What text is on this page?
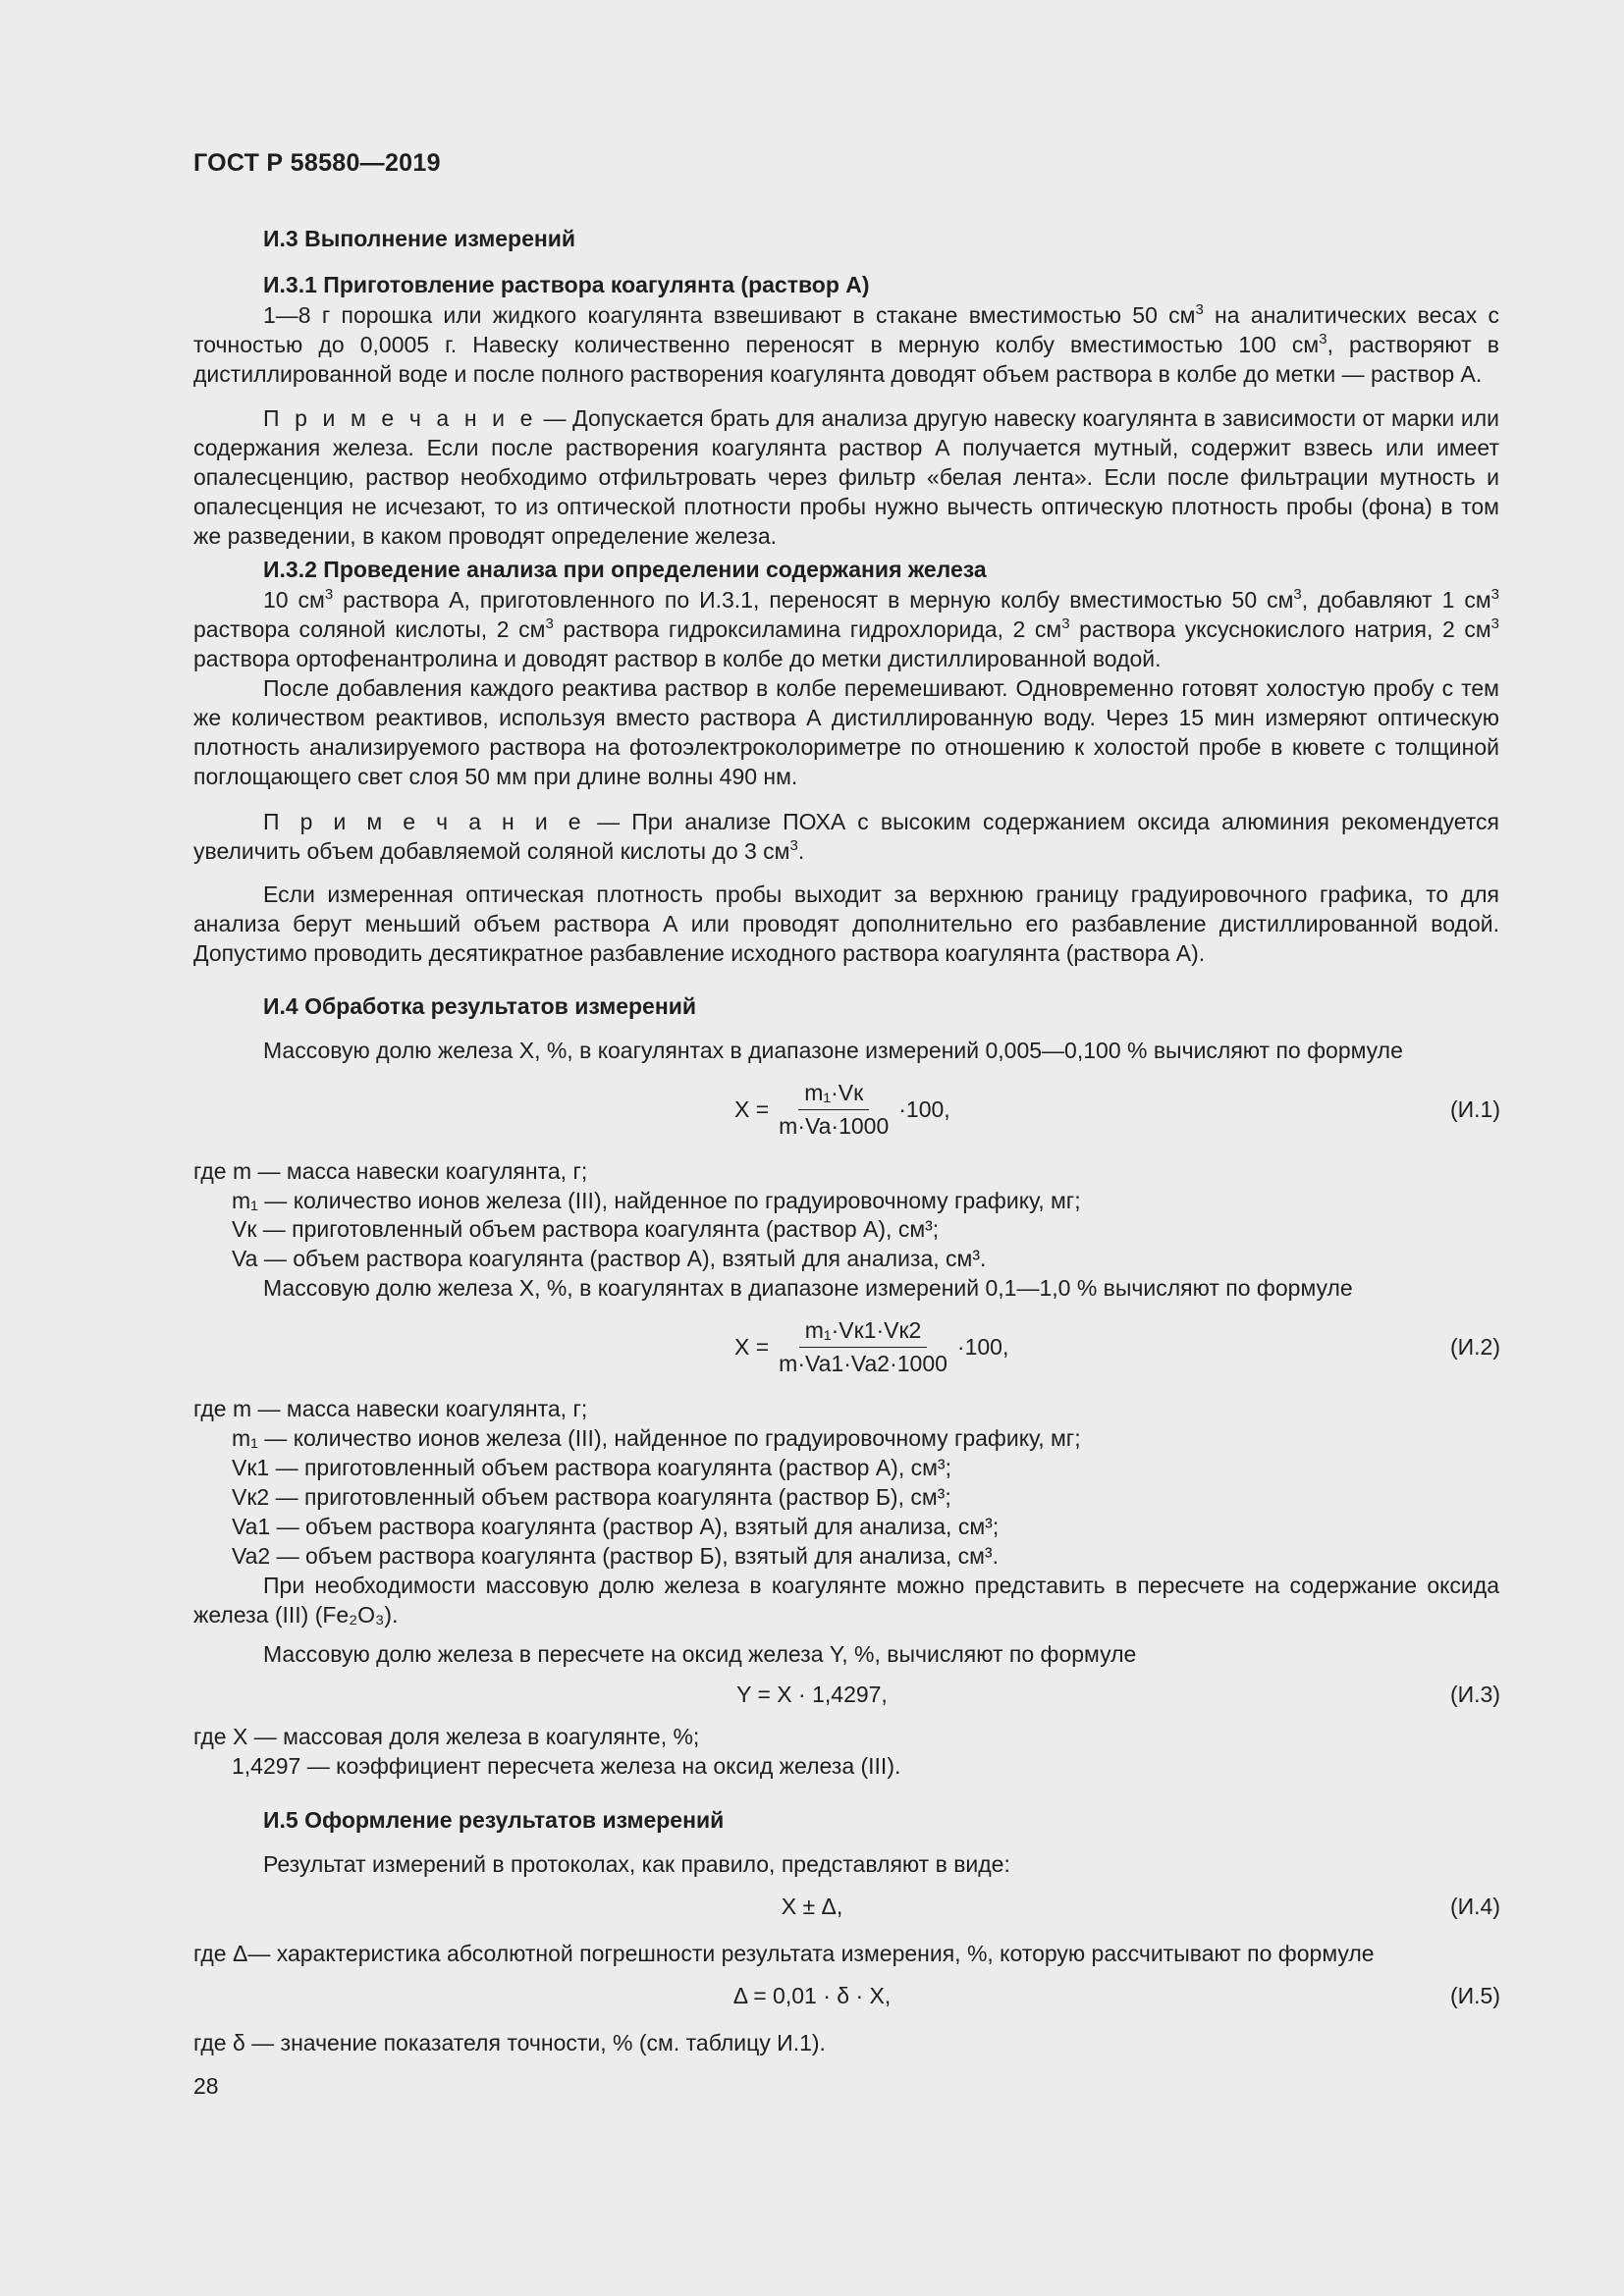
ГОСТ Р 58580—2019
И.3 Выполнение измерений
И.3.1 Приготовление раствора коагулянта (раствор А)
1—8 г порошка или жидкого коагулянта взвешивают в стакане вместимостью 50 $см^3$ на аналитических весах с точностью до 0,0005 г. Навеску количественно переносят в мерную колбу вместимостью 100 $см^3$, растворяют в дистиллированной воде и после полного растворения коагулянта доводят объем раствора в колбе до метки — раствор А.
П р и м е ч а н и е — Допускается брать для анализа другую навеску коагулянта в зависимости от марки или содержания железа. Если после растворения коагулянта раствор А получается мутный, содержит взвесь или имеет опалесценцию, раствор необходимо отфильтровать через фильтр «белая лента». Если после фильтрации мутность и опалесценция не исчезают, то из оптической плотности пробы нужно вычесть оптическую плотность пробы (фона) в том же разведении, в каком проводят определение железа.
И.3.2 Проведение анализа при определении содержания железа
10 $см^3$ раствора А, приготовленного по И.3.1, переносят в мерную колбу вместимостью 50 $см^3$, добавляют 1 $см^3$ раствора соляной кислоты, 2 $см^3$ раствора гидроксиламина гидрохлорида, 2 $см^3$ раствора уксуснокислого натрия, 2 $см^3$ раствора ортофенантролина и доводят раствор в колбе до метки дистиллированной водой.
После добавления каждого реактива раствор в колбе перемешивают. Одновременно готовят холостую пробу с тем же количеством реактивов, используя вместо раствора А дистиллированную воду. Через 15 мин измеряют оптическую плотность анализируемого раствора на фотоэлектроколориметре по отношению к холостой пробе в кювете с толщиной поглощающего свет слоя 50 мм при длине волны 490 нм.
П р и м е ч а н и е — При анализе ПОХА с высоким содержанием оксида алюминия рекомендуется увеличить объем добавляемой соляной кислоты до 3 $см^3$.
Если измеренная оптическая плотность пробы выходит за верхнюю границу градуировочного графика, то для анализа берут меньший объем раствора А или проводят дополнительно его разбавление дистиллированной водой. Допустимо проводить десятикратное разбавление исходного раствора коагулянта (раствора А).
И.4 Обработка результатов измерений
Массовую долю железа X, %, в коагулянтах в диапазоне измерений 0,005—0,100 % вычисляют по формуле
$X = \frac{\text{m₁·Vк}}{m\cdot Va\cdot 1000} \cdot 100$,	(И.1)
где m — масса навески коагулянта, г;
m₁ — количество ионов железа (III), найденное по градуировочному графику, мг;
Vк — приготовленный объем раствора коагулянта (раствор А), см³;
Va — объем раствора коагулянта (раствор А), взятый для анализа, см³.
Массовую долю железа X, %, в коагулянтах в диапазоне измерений 0,1—1,0 % вычисляют по формуле
$X = \frac{\text{m₁·Vк1·Vк2}}{m\cdot Va1\cdot Va2\cdot 1000} \cdot 100$,	(И.2)
где m — масса навески коагулянта, г;
m₁ — количество ионов железа (III), найденное по градуировочному графику, мг;
Vк1 — приготовленный объем раствора коагулянта (раствор А), см³;
Vк2 — приготовленный объем раствора коагулянта (раствор Б), см³;
Va1 — объем раствора коагулянта (раствор А), взятый для анализа, см³;
Va2 — объем раствора коагулянта (раствор Б), взятый для анализа, см³.
При необходимости массовую долю железа в коагулянте можно представить в пересчете на содержание оксида железа (III) (Fe₂O₃).
Массовую долю железа в пересчете на оксид железа Y, %, вычисляют по формуле
Y = X · 1,4297,	(И.3)
где X — массовая доля железа в коагулянте, %;
1,4297 — коэффициент пересчета железа на оксид железа (III).
И.5 Оформление результатов измерений
Результат измерений в протоколах, как правило, представляют в виде:
X ± Δ,	(И.4)
где Δ— характеристика абсолютной погрешности результата измерения, %, которую рассчитывают по формуле
Δ = 0,01 · δ · X,	(И.5)
где δ — значение показателя точности, % (см. таблицу И.1).
28
